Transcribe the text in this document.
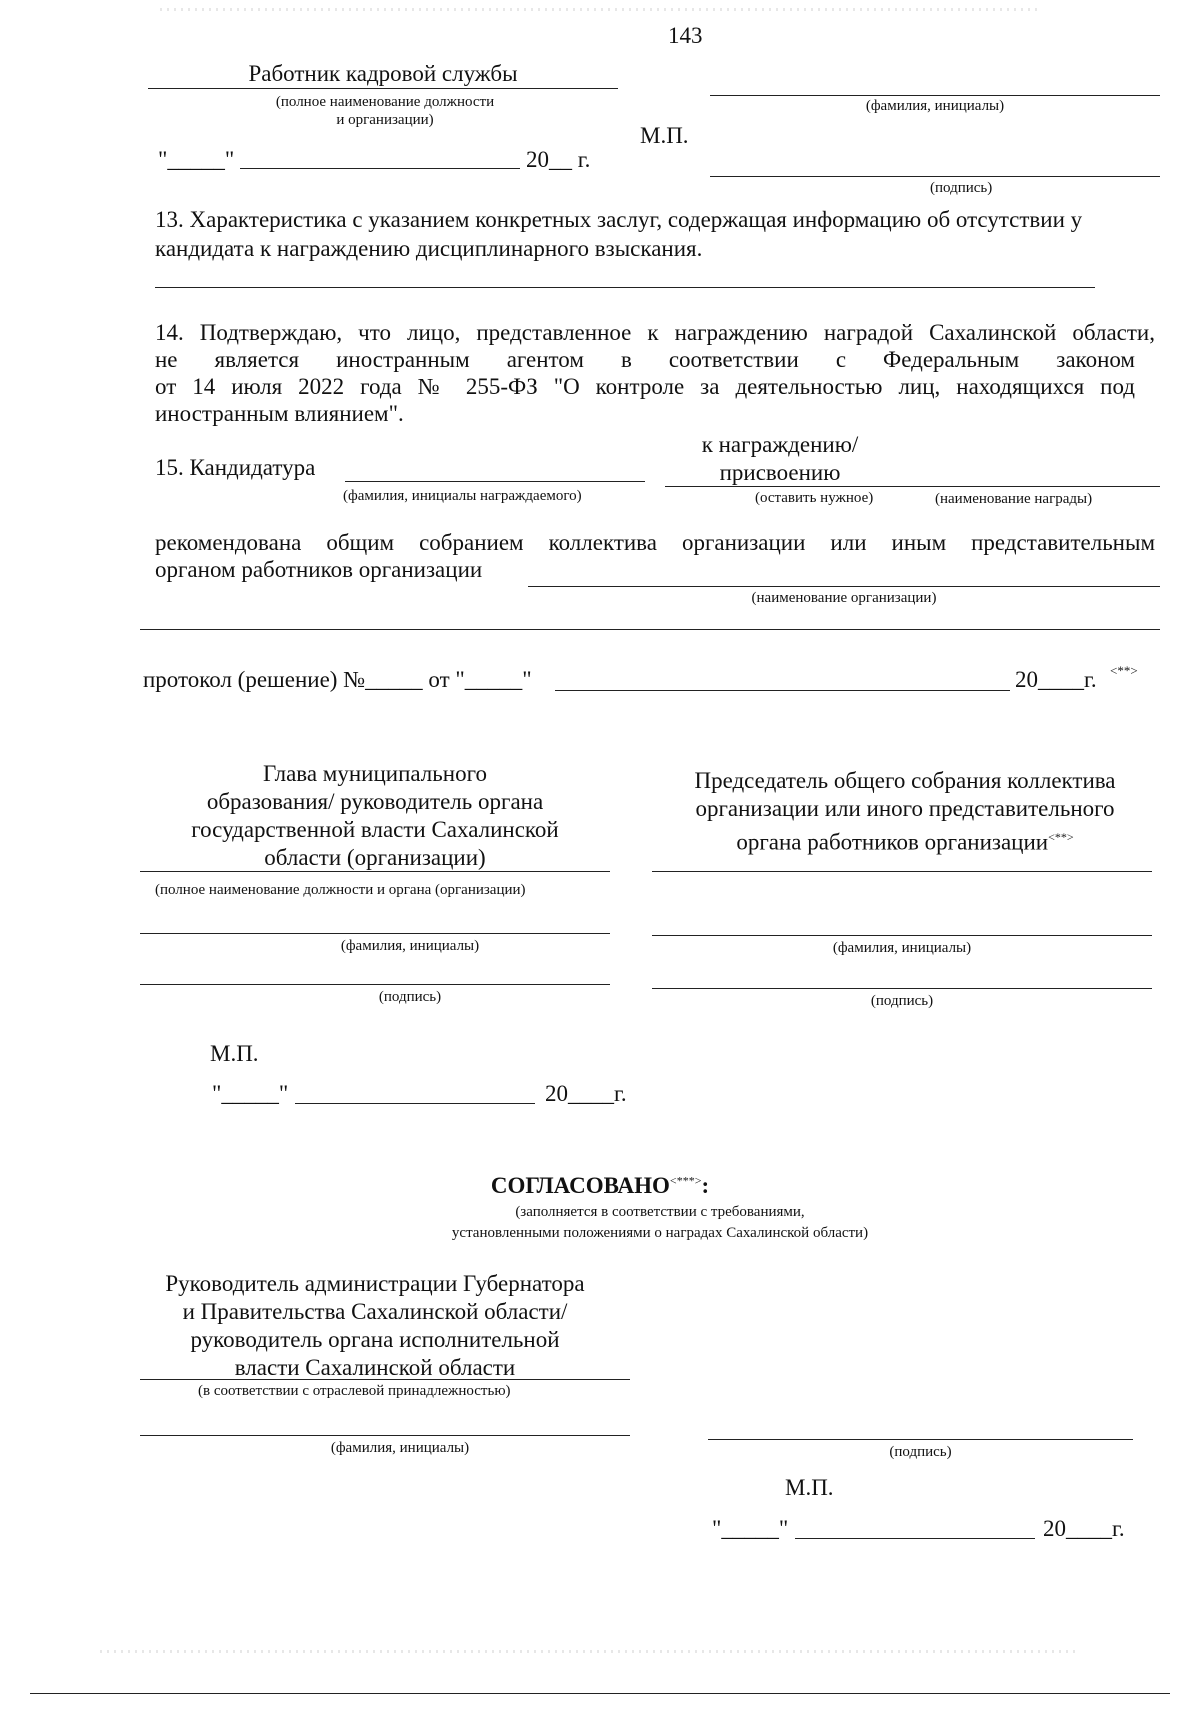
143
Работник кадровой службы
(полное наименование должности и организации)
(фамилия, инициалы)
М.П.
"_____"	20__ г.
(подпись)
13. Характеристика с указанием конкретных заслуг, содержащая информацию об отсутствии у кандидата к награждению дисциплинарного взыскания.
14. Подтверждаю, что лицо, представленное к награждению наградой Сахалинской области,
не является иностранным агентом в соответствии с Федеральным законом
от 14 июля 2022 года № 255-ФЗ "О контроле за деятельностью лиц, находящихся под
иностранным влиянием".
к награждению/
15. Кандидатура	присвоению
(фамилия, инициалы награждаемого)	(оставить нужное)	(наименование награды)
рекомендована общим собранием коллектива организации или иным представительным
органом работников организации
(наименование организации)
протокол (решение) №_____ от "_____"	20____г. <**>
Глава муниципального
образования/ руководитель органа
государственной власти Сахалинской
области (организации)
(полное наименование должности и органа (организации)
(фамилия, инициалы)
(подпись)
М.П.
"_____"	20____г.
Председатель общего собрания коллектива
организации или иного представительного
органа работников организации<**>
(фамилия, инициалы)
(подпись)
СОГЛАСОВАНО<***>:
(заполняется в соответствии с требованиями,
установленными положениями о наградах Сахалинской области)
Руководитель администрации Губернатора
и Правительства Сахалинской области/
руководитель органа исполнительной
власти Сахалинской области
(в соответствии с отраслевой принадлежностью)
(фамилия, инициалы)	(подпись)
М.П.
"_____"	20____г.
